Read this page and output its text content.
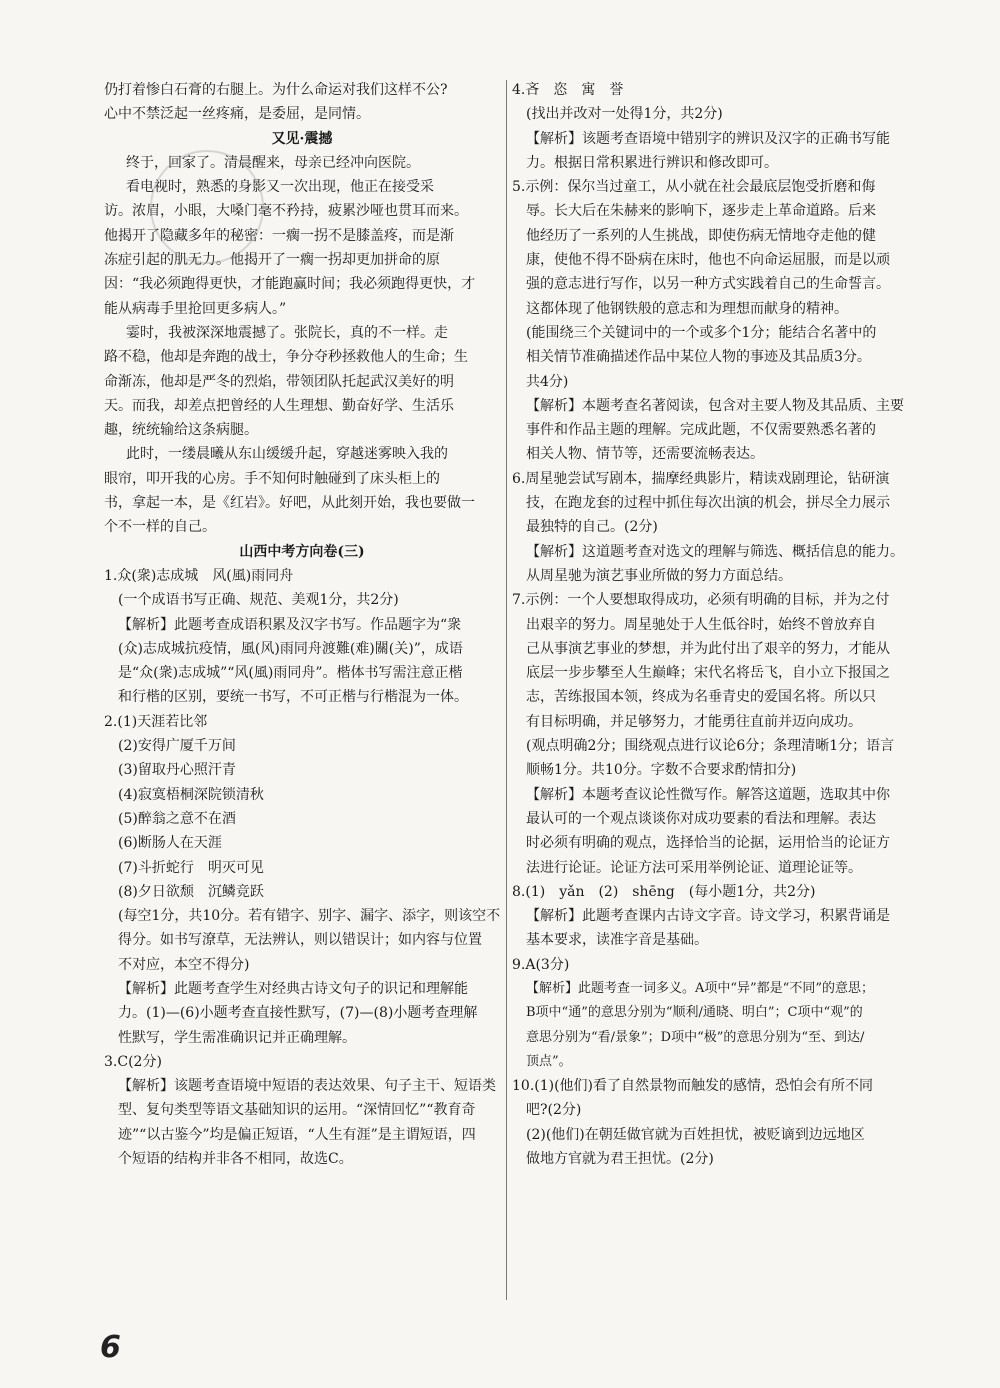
仍打着惨白石膏的右腿上。为什么命运对我们这样不公?
心中不禁泛起一丝疼痛，是委屈，是同情。
又见·震撼
终于，回家了。清晨醒来，母亲已经冲向医院。
看电视时，熟悉的身影又一次出现，他正在接受采
访。浓眉，小眼，大嗓门毫不矜持，疲累沙哑也贯耳而来。
他揭开了隐藏多年的秘密：一瘸一拐不是膝盖疼，而是渐
冻症引起的肌无力。他揭开了一瘸一拐却更加拼命的原
因：“我必须跑得更快，才能跑赢时间；我必须跑得更快，才
能从病毒手里抢回更多病人。”
霎时，我被深深地震撼了。张院长，真的不一样。走
路不稳，他却是奔跑的战士，争分夺秒拯救他人的生命；生
命渐冻，他却是严冬的烈焰，带领团队托起武汉美好的明
天。而我，却差点把曾经的人生理想、勤奋好学、生活乐
趣，统统输给这条病腿。
此时，一缕晨曦从东山缓缓升起，穿越迷雾映入我的
眼帘，叩开我的心房。手不知何时触碰到了床头柜上的
书，拿起一本，是《红岩》。好吧，从此刻开始，我也要做一
个不一样的自己。
山西中考方向卷(三)
1.众(衆)志成城　风(風)雨同舟
(一个成语书写正确、规范、美观1分，共2分)
【解析】此题考查成语积累及汉字书写。作品题字为“衆
(众)志成城抗疫情，風(风)雨同舟渡難(难)關(关)”，成语
是“众(衆)志成城”“风(風)雨同舟”。楷体书写需注意正楷
和行楷的区别，要统一书写，不可正楷与行楷混为一体。
2.(1)天涯若比邻
(2)安得广厦千万间
(3)留取丹心照汗青
(4)寂寞梧桐深院锁清秋
(5)醉翁之意不在酒
(6)断肠人在天涯
(7)斗折蛇行　明灭可见
(8)夕日欲颓　沉鳞竞跃
(每空1分，共10分。若有错字、别字、漏字、添字，则该空不
得分。如书写潦草，无法辨认，则以错误计；如内容与位置
不对应，本空不得分)
【解析】此题考查学生对经典古诗文句子的识记和理解能
力。(1)—(6)小题考查直接性默写，(7)—(8)小题考查理解
性默写，学生需准确识记并正确理解。
3.C(2分)
【解析】该题考查语境中短语的表达效果、句子主干、短语类
型、复句类型等语文基础知识的运用。“深情回忆”“教育奇
迹”“以古鉴今”均是偏正短语，“人生有涯”是主谓短语，四
个短语的结构并非各不相同，故选C。
4.吝　恣　寓　誉
(找出并改对一处得1分，共2分)
【解析】该题考查语境中错别字的辨识及汉字的正确书写能
力。根据日常积累进行辨识和修改即可。
5.示例：保尔当过童工，从小就在社会最底层饱受折磨和侮
辱。长大后在朱赫来的影响下，逐步走上革命道路。后来
他经历了一系列的人生挑战，即使伤病无情地夺走他的健
康，使他不得不卧病在床时，他也不向命运屈服，而是以顽
强的意志进行写作，以另一种方式实践着自己的生命誓言。
这都体现了他钢铁般的意志和为理想而献身的精神。
(能围绕三个关键词中的一个或多个1分；能结合名著中的
相关情节准确描述作品中某位人物的事迹及其品质3分。
共4分)
【解析】本题考查名著阅读，包含对主要人物及其品质、主要
事件和作品主题的理解。完成此题，不仅需要熟悉名著的
相关人物、情节等，还需要流畅表达。
6.周星驰尝试写剧本，揣摩经典影片，精读戏剧理论，钻研演
技，在跑龙套的过程中抓住每次出演的机会，拼尽全力展示
最独特的自己。(2分)
【解析】这道题考查对选文的理解与筛选、概括信息的能力。
从周星驰为演艺事业所做的努力方面总结。
7.示例：一个人要想取得成功，必须有明确的目标，并为之付
出艰辛的努力。周星驰处于人生低谷时，始终不曾放弃自
己从事演艺事业的梦想，并为此付出了艰辛的努力，才能从
底层一步步攀至人生巅峰；宋代名将岳飞，自小立下报国之
志，苦练报国本领，终成为名垂青史的爱国名将。所以只
有目标明确，并足够努力，才能勇往直前并迈向成功。
(观点明确2分；围绕观点进行议论6分；条理清晰1分；语言
顺畅1分。共10分。字数不合要求酌情扣分)
【解析】本题考查议论性微写作。解答这道题，选取其中你
最认可的一个观点谈谈你对成功要素的看法和理解。表达
时必须有明确的观点，选择恰当的论据，运用恰当的论证方
法进行论证。论证方法可采用举例论证、道理论证等。
8.(1)　yǎn　(2)　shēng　(每小题1分，共2分)
【解析】此题考查课内古诗文字音。诗文学习，积累背诵是
基本要求，读准字音是基础。
9.A(3分)
【解析】此题考查一词多义。A项中“异”都是“不同”的意思；
B项中“通”的意思分别为“顺利/通晓、明白”；C项中“观”的
意思分别为“看/景象”；D项中“极”的意思分别为“至、到达/
顶点”。
10.(1)(他们)看了自然景物而触发的感情，恐怕会有所不同
吧?(2分)
(2)(他们)在朝廷做官就为百姓担忧，被贬谪到边远地区
做地方官就为君王担忧。(2分)
6
